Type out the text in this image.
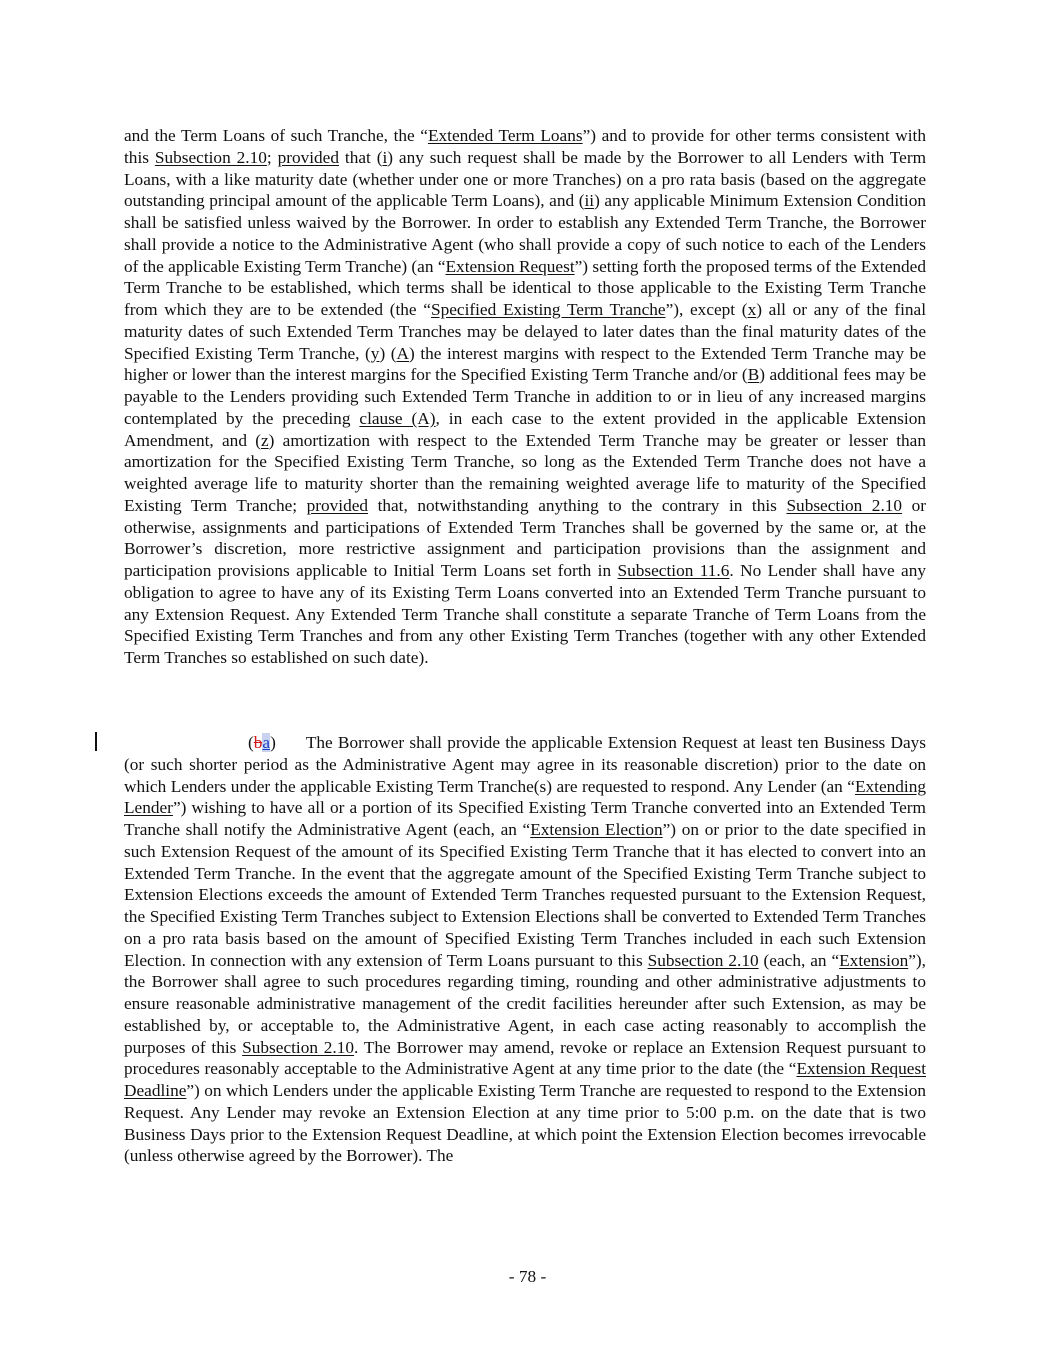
and the Term Loans of such Tranche, the “Extended Term Loans”) and to provide for other terms consistent with this Subsection 2.10; provided that (i) any such request shall be made by the Borrower to all Lenders with Term Loans, with a like maturity date (whether under one or more Tranches) on a pro rata basis (based on the aggregate outstanding principal amount of the applicable Term Loans), and (ii) any applicable Minimum Extension Condition shall be satisfied unless waived by the Borrower. In order to establish any Extended Term Tranche, the Borrower shall provide a notice to the Administrative Agent (who shall provide a copy of such notice to each of the Lenders of the applicable Existing Term Tranche) (an “Extension Request”) setting forth the proposed terms of the Extended Term Tranche to be established, which terms shall be identical to those applicable to the Existing Term Tranche from which they are to be extended (the “Specified Existing Term Tranche”), except (x) all or any of the final maturity dates of such Extended Term Tranches may be delayed to later dates than the final maturity dates of the Specified Existing Term Tranche, (y) (A) the interest margins with respect to the Extended Term Tranche may be higher or lower than the interest margins for the Specified Existing Term Tranche and/or (B) additional fees may be payable to the Lenders providing such Extended Term Tranche in addition to or in lieu of any increased margins contemplated by the preceding clause (A), in each case to the extent provided in the applicable Extension Amendment, and (z) amortization with respect to the Extended Term Tranche may be greater or lesser than amortization for the Specified Existing Term Tranche, so long as the Extended Term Tranche does not have a weighted average life to maturity shorter than the remaining weighted average life to maturity of the Specified Existing Term Tranche; provided that, notwithstanding anything to the contrary in this Subsection 2.10 or otherwise, assignments and participations of Extended Term Tranches shall be governed by the same or, at the Borrower’s discretion, more restrictive assignment and participation provisions than the assignment and participation provisions applicable to Initial Term Loans set forth in Subsection 11.6. No Lender shall have any obligation to agree to have any of its Existing Term Loans converted into an Extended Term Tranche pursuant to any Extension Request. Any Extended Term Tranche shall constitute a separate Tranche of Term Loans from the Specified Existing Term Tranches and from any other Existing Term Tranches (together with any other Extended Term Tranches so established on such date).

(ba) The Borrower shall provide the applicable Extension Request at least ten Business Days (or such shorter period as the Administrative Agent may agree in its reasonable discretion) prior to the date on which Lenders under the applicable Existing Term Tranche(s) are requested to respond. Any Lender (an “Extending Lender”) wishing to have all or a portion of its Specified Existing Term Tranche converted into an Extended Term Tranche shall notify the Administrative Agent (each, an “Extension Election”) on or prior to the date specified in such Extension Request of the amount of its Specified Existing Term Tranche that it has elected to convert into an Extended Term Tranche. In the event that the aggregate amount of the Specified Existing Term Tranche subject to Extension Elections exceeds the amount of Extended Term Tranches requested pursuant to the Extension Request, the Specified Existing Term Tranches subject to Extension Elections shall be converted to Extended Term Tranches on a pro rata basis based on the amount of Specified Existing Term Tranches included in each such Extension Election. In connection with any extension of Term Loans pursuant to this Subsection 2.10 (each, an “Extension”), the Borrower shall agree to such procedures regarding timing, rounding and other administrative adjustments to ensure reasonable administrative management of the credit facilities hereunder after such Extension, as may be established by, or acceptable to, the Administrative Agent, in each case acting reasonably to accomplish the purposes of this Subsection 2.10. The Borrower may amend, revoke or replace an Extension Request pursuant to procedures reasonably acceptable to the Administrative Agent at any time prior to the date (the “Extension Request Deadline”) on which Lenders under the applicable Existing Term Tranche are requested to respond to the Extension Request. Any Lender may revoke an Extension Election at any time prior to 5:00 p.m. on the date that is two Business Days prior to the Extension Request Deadline, at which point the Extension Election becomes irrevocable (unless otherwise agreed by the Borrower). The

- 78 -
